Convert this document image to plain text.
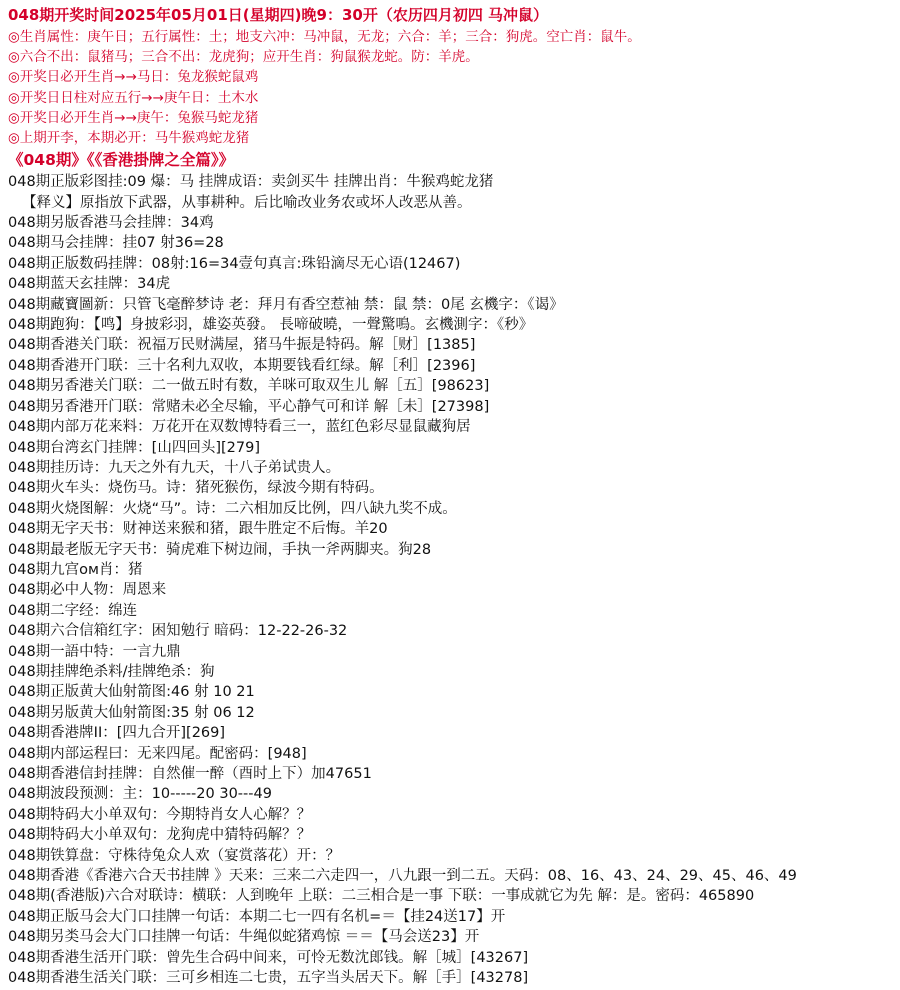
048期开奖时间2025年05月01日(星期四)晚9：30开（农历四月初四 马冲鼠）
◎生肖属性：庚午日；五行属性：土；地支六冲：马冲鼠，无龙；六合：羊；三合：狗虎。空亡肖：鼠牛。
◎六合不出：鼠猪马；三合不出：龙虎狗；应开生肖：狗鼠猴龙蛇。防：羊虎。
◎开奖日必开生肖→→马日：兔龙猴蛇鼠鸡
◎开奖日日柱对应五行→→庚午日：土木水
◎开奖日必开生肖→→庚午：兔猴马蛇龙猪
◎上期开李，本期必开：马牛猴鸡蛇龙猪
《048期》《《香港掛牌之全篇》》
048期正版彩图挂:09 爆：马 挂牌成语：卖剑买牛 挂牌出肖：牛猴鸡蛇龙猪
【释义】原指放下武器，从事耕种。后比喻改业务农或坏人改恶从善。
048期另版香港马会挂牌：34鸡
048期马会挂牌：挂07 射36=28
048期正版数码挂牌：08射:16=34壹句真言:珠铅滴尽无心语(12467)
048期蓝天玄挂牌：34虎
048期藏寶圖新：只管飞毫醉梦诗 老：拜月有香空惹袖 禁：鼠 禁：0尾 玄機字：《谒》
048期跑狗：【鸣】身披彩羽，雄姿英發。 長啼破曉，一聲驚鳴。玄機測字：《秒》
048期香港关门联：祝福万民财满屋，猪马牛振是特码。解［财］[1385]
048期香港开门联：三十名利九双收，本期要钱看红绿。解［利］[2396]
048期另香港关门联：二一做五时有数，羊咪可取双生儿 解［五］[98623]
048期另香港开门联：常赌未必全尽输，平心静气可和详 解［未］[27398]
048期内部万花来料：万花开在双数博特看三一，蓝红色彩尽显鼠藏狗居
048期台湾玄门挂牌：[山四回头][279]
048期挂历诗：九天之外有九天，十八子弟试贵人。
048期火车头：烧伤马。诗：猪死猴伤，绿波今期有特码。
048期火烧图解：火烧“马”。诗：二六相加反比例，四八缺九奖不成。
048期无字天书：财神送来猴和猪，跟牛胜定不后悔。羊20
048期最老版无字天书：骑虎难下树边闹，手执一斧两脚夹。狗28
048期九宫ом肖：猪
048期必中人物：周恩来
048期二字经：绵连
048期六合信箱红字：困知勉行 暗码：12-22-26-32
048期一語中特：一言九鼎
048期挂牌绝杀料/挂牌绝杀：狗
048期正版黄大仙射箭图:46 射 10 21
048期另版黄大仙射箭图:35 射 06 12
048期香港牌ΙΙ：[四九合开][269]
048期内部运程曰：无来四尾。配密码：[948]
048期香港信封挂牌：自然催一醉（酉时上下）加47651
048期波段预测：主：10-----20 30---49
048期特码大小单双句：今期特肖女人心解？？
048期特码大小单双句：龙狗虎中猜特码解？？
048期铁算盘：守株待兔众人欢（宴赏落花）开：？
048期香港《香港六合天书挂牌 》天来：三来二六走四一，八九跟一到二五。天码：08、16、43、24、29、45、46、49
048期(香港版)六合对联诗：横联：人到晚年 上联：二三相合是一事 下联：一事成就它为先 解：是。密码：465890
048期正版马会大门口挂牌一句话：本期二七一四有名机=＝【挂24送17】开
048期另类马会大门口挂牌一句话：牛绳似蛇猪鸡惊 ＝＝【马会送23】开
048期香港生活开门联：曾先生合码中间来，可怜无数沈郎钱。解［城］[43267]
048期香港生活关门联：三可乡相连二七贵，五字当头居天下。解［手］[43278]
